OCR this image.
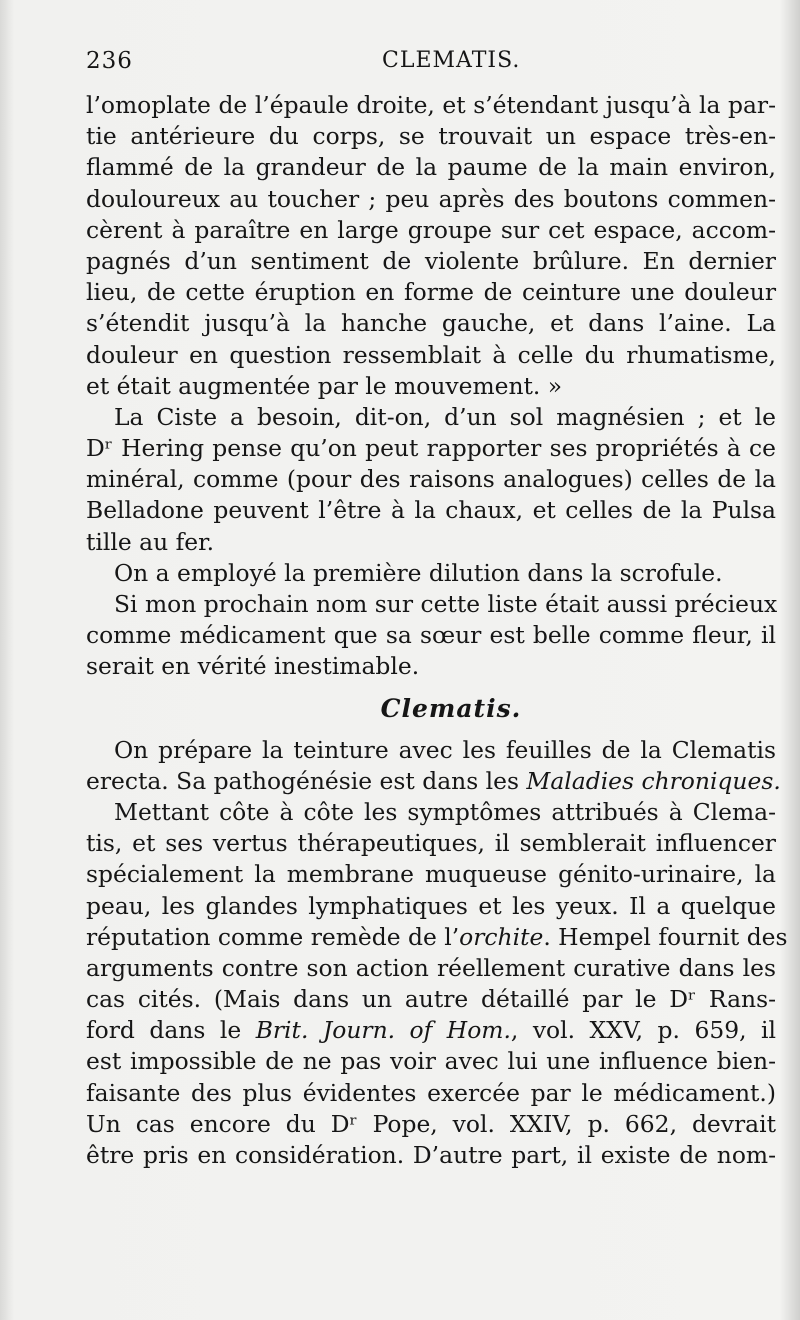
236	CLEMATIS.
l’omoplate de l’épaule droite, et s’étendant jusqu’à la par-
tie antérieure du corps, se trouvait un espace très-en-
flammé de la grandeur de la paume de la main environ,
douloureux au toucher ; peu après des boutons commen-
cèrent à paraître en large groupe sur cet espace, accom-
pagnés d’un sentiment de violente brûlure. En dernier
lieu, de cette éruption en forme de ceinture une douleur
s’étendit jusqu’à la hanche gauche, et dans l’aine. La
douleur en question ressemblait à celle du rhumatisme,
et était augmentée par le mouvement. »
La Ciste a besoin, dit-on, d’un sol magnésien ; et le
Dʳ Hering pense qu’on peut rapporter ses propriétés à ce
minéral, comme (pour des raisons analogues) celles de la
Belladone peuvent l’être à la chaux, et celles de la Pulsa
tille au fer.
On a employé la première dilution dans la scrofule.
Si mon prochain nom sur cette liste était aussi précieux
comme médicament que sa sœur est belle comme fleur, il
serait en vérité inestimable.
Clematis.
On prépare la teinture avec les feuilles de la Clematis
erecta. Sa pathogénésie est dans les Maladies chroniques.
Mettant côte à côte les symptômes attribués à Clema-
tis, et ses vertus thérapeutiques, il semblerait influencer
spécialement la membrane muqueuse génito-urinaire, la
peau, les glandes lymphatiques et les yeux. Il a quelque
réputation comme remède de l’orchite. Hempel fournit des
arguments contre son action réellement curative dans les
cas cités. (Mais dans un autre détaillé par le Dʳ Rans-
ford dans le Brit. Journ. of Hom., vol. XXV, p. 659, il
est impossible de ne pas voir avec lui une influence bien-
faisante des plus évidentes exercée par le médicament.)
Un cas encore du Dʳ Pope, vol. XXIV, p. 662, devrait
être pris en considération. D’autre part, il existe de nom-
